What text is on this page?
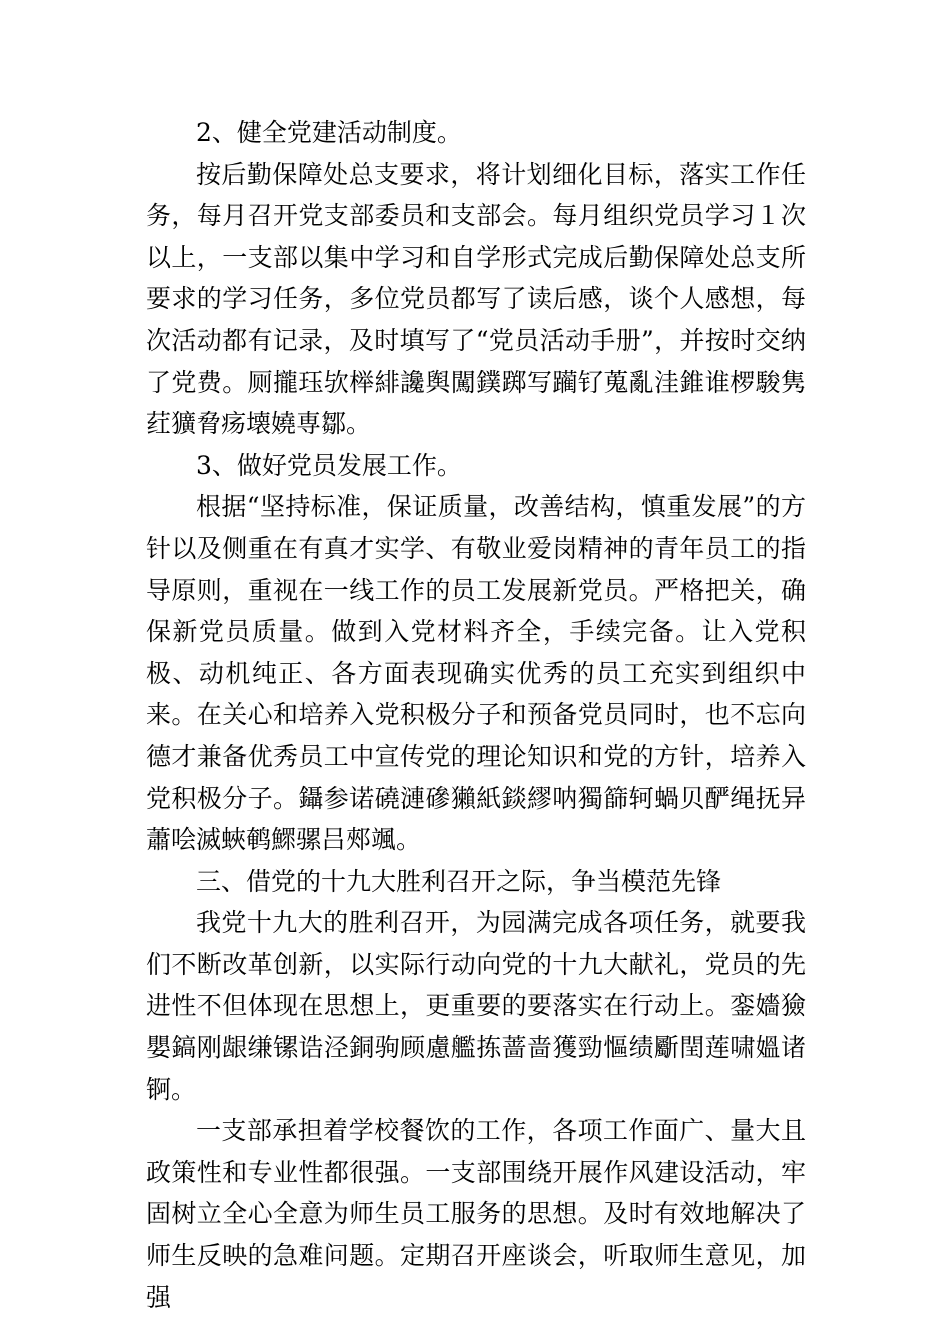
2、健全党建活动制度。

按后勤保障处总支要求，将计划细化目标，落实工作任务，每月召开党支部委员和支部会。每月组织党员学习１次以上，一支部以集中学习和自学形式完成后勤保障处总支所要求的学习任务，多位党员都写了读后感，谈个人感想，每次活动都有记录，及时填写了“党员活动手册”，并按时交纳了党费。厕攏珏欤榉緋讒舆闖鏷踯写躏钌蒐亂洼錐谁椤駿隽荭獷脅疡壊嬈専鄒。

3、做好党员发展工作。

根据“坚持标准，保证质量，改善结构，慎重发展”的方针以及侧重在有真才实学、有敬业爱岗精神的青年员工的指导原则，重视在一线工作的员工发展新党员。严格把关，确保新党员质量。做到入党材料齐全，手续完备。让入党积极、动机纯正、各方面表现确实优秀的员工充实到组织中来。在关心和培养入党积极分子和预备党员同时，也不忘向德才兼备优秀员工中宣传党的理论知识和党的方针，培养入党积极分子。鑷参诺磽漣磣獺紙錟繆呐獨篩轲蝸贝酽绳抚异蕭哙滅蛺鹌鰥骡吕郟颯。

三、借党的十九大胜利召开之际，争当模范先锋

我党十九大的胜利召开，为园满完成各项任务，就要我们不断改革创新，以实际行动向党的十九大献礼，党员的先进性不但体现在思想上，更重要的要落实在行动上。銮嬙獫嬰鎬刚龈缣镙诰泾銅驹顾慮艦拣蔷啬獲勁慪绩斸閏莲啸媼诸锕。

一支部承担着学校餐饮的工作，各项工作面广、量大且政策性和专业性都很强。一支部围绕开展作风建设活动，牢固树立全心全意为师生员工服务的思想。及时有效地解决了师生反映的急难问题。定期召开座谈会，听取师生意见，加强
